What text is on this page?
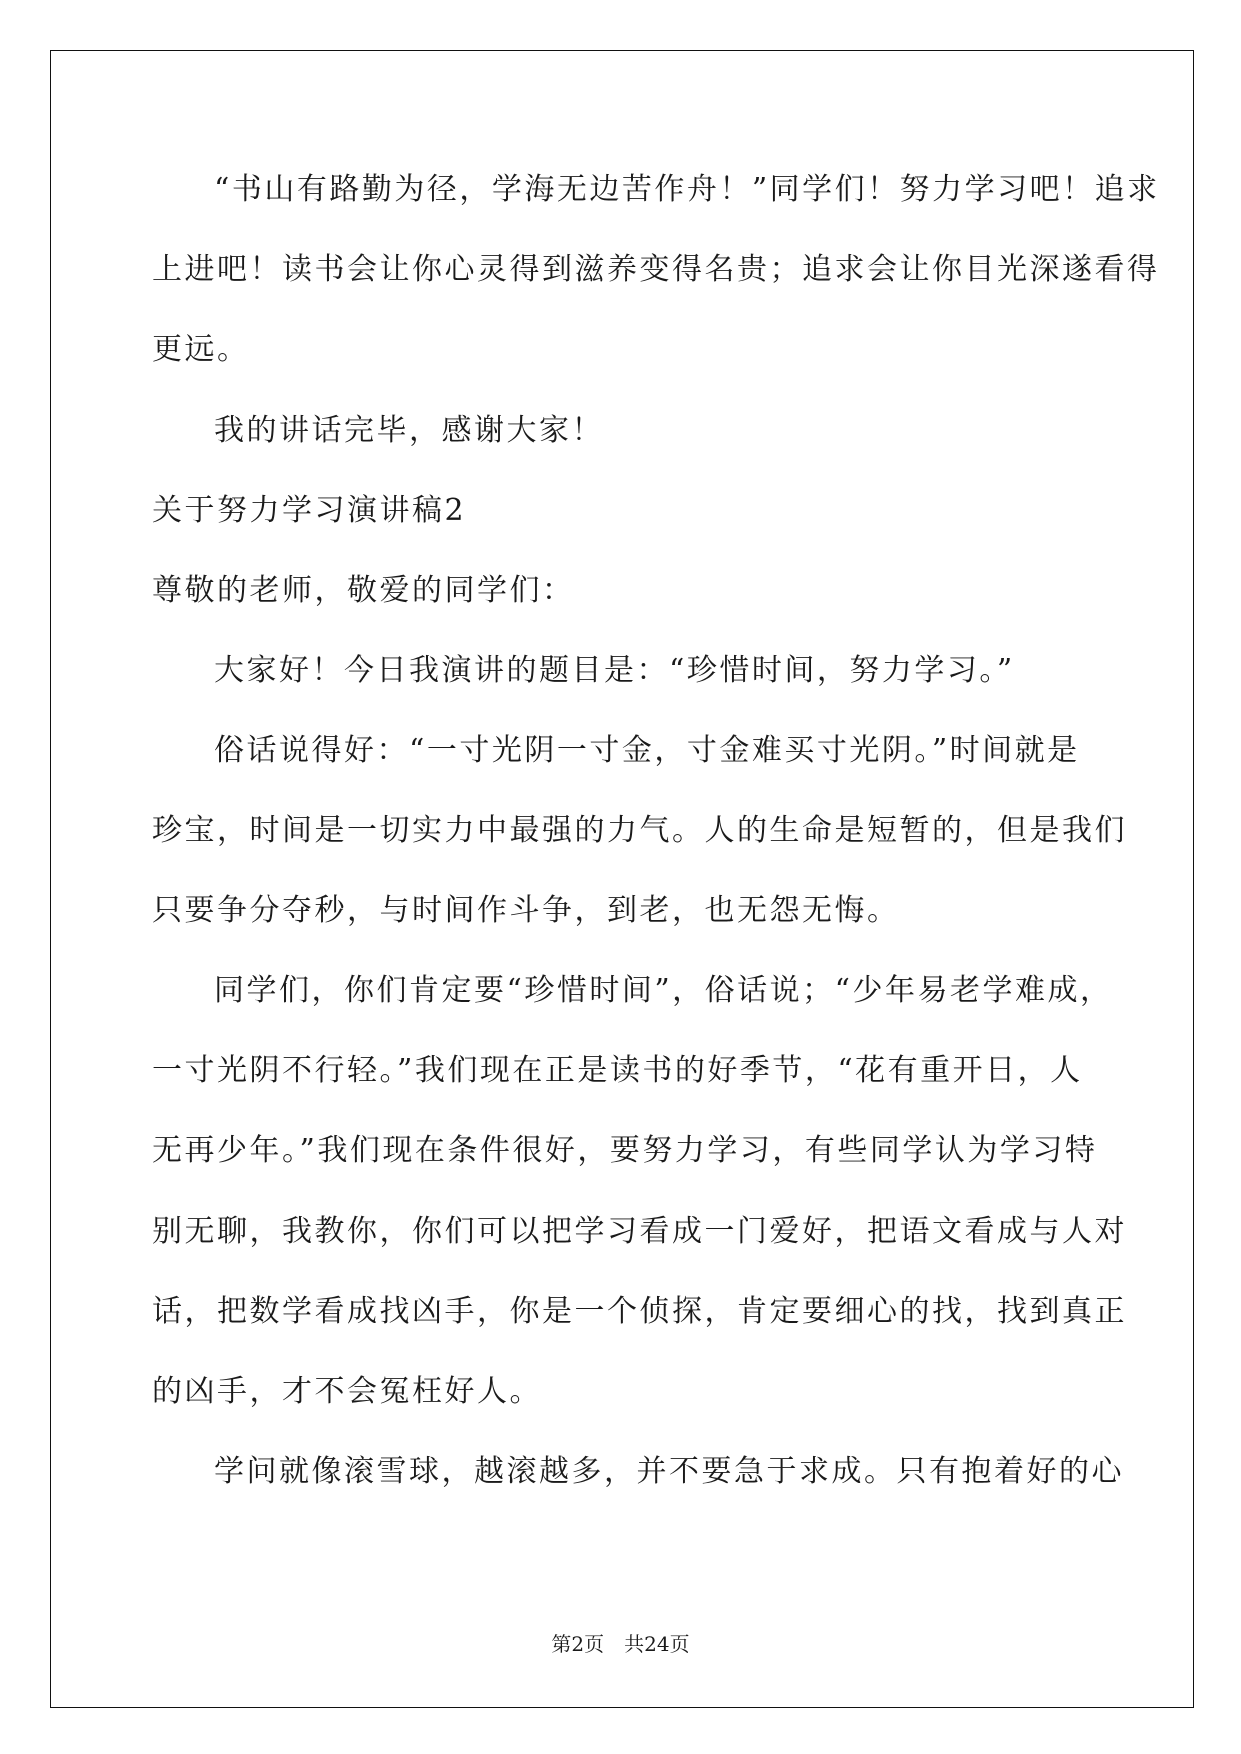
“书山有路勤为径，学海无边苦作舟！”同学们！努力学习吧！追求
上进吧！读书会让你心灵得到滋养变得名贵；追求会让你目光深遂看得
更远。
我的讲话完毕，感谢大家！
关于努力学习演讲稿2
尊敬的老师，敬爱的同学们：
大家好！今日我演讲的题目是：“珍惜时间，努力学习。”
俗话说得好：“一寸光阴一寸金，寸金难买寸光阴。”时间就是
珍宝，时间是一切实力中最强的力气。人的生命是短暂的，但是我们
只要争分夺秒，与时间作斗争，到老，也无怨无悔。
同学们，你们肯定要“珍惜时间”，俗话说；“少年易老学难成，
一寸光阴不行轻。”我们现在正是读书的好季节，“花有重开日，人
无再少年。”我们现在条件很好，要努力学习，有些同学认为学习特
别无聊，我教你，你们可以把学习看成一门爱好，把语文看成与人对
话，把数学看成找凶手，你是一个侦探，肯定要细心的找，找到真正
的凶手，才不会冤枉好人。
学问就像滚雪球，越滚越多，并不要急于求成。只有抱着好的心
第2页 共24页
